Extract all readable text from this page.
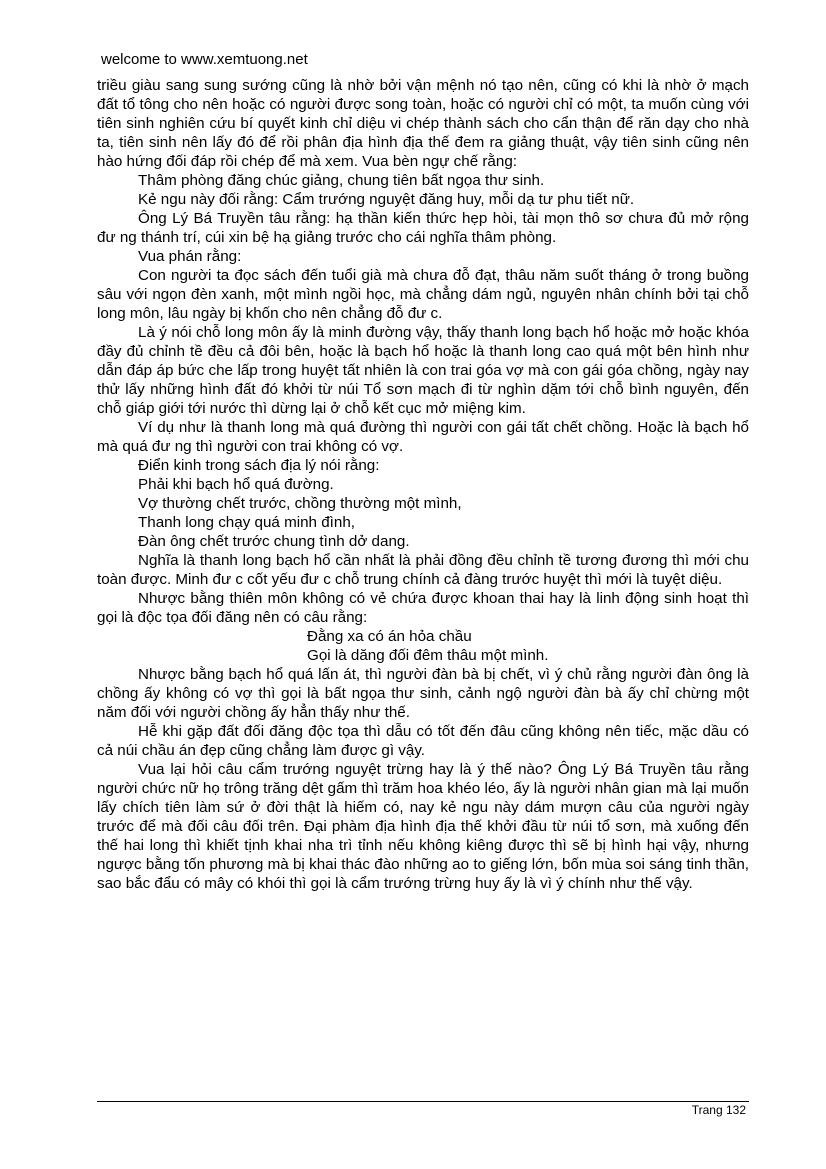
welcome to www.xemtuong.net

triều giàu sang sung sướng cũng là nhờ bởi vận mệnh nó tạo nên, cũng có khi là nhờ ở mạch đất tổ tông cho nên hoặc có người được song toàn, hoặc có người chỉ có một, ta muốn cùng với tiên sinh nghiên cứu bí quyết kinh chỉ diệu vi chép thành sách cho cẩn thận để răn dạy cho nhà ta, tiên sinh nên lấy đó để rồi phân địa hình địa thế đem ra giảng thuật, vậy tiên sinh cũng nên hào hứng đối đáp rồi chép để mà xem. Vua bèn ngự chế rằng:

Thâm phòng đăng chúc giảng, chung tiên bất ngọa thư sinh.

Kẻ ngu này đối rằng: Cẩm trướng nguyệt đăng huy, mỗi dạ tư phu tiết nữ.

Ông Lý Bá Truyền tâu rằng: hạ thần kiến thức hẹp hòi, tài mọn thô sơ chưa đủ mở rộng đư ng thánh trí, cúi xin bệ hạ giảng trước cho cái nghĩa thâm phòng.

Vua phán rằng:

Con người ta đọc sách đến tuổi già mà chưa đỗ đạt, thâu năm suốt tháng ở trong buồng sâu với ngọn đèn xanh, một mình ngồi học, mà chẳng dám ngủ, nguyên nhân chính bởi tại chỗ long môn, lâu ngày bị khốn cho nên chẳng đỗ đư c.

Là ý nói chỗ long môn ấy là minh đường vậy, thấy thanh long bạch hổ hoặc mở hoặc khóa đầy đủ chỉnh tề đều cả đôi bên, hoặc là bạch hổ hoặc là thanh long cao quá một bên hình như dẫn đáp áp bức che lấp trong huyệt tất nhiên là con trai góa vợ mà con gái góa chồng, ngày nay thử lấy những hình đất đó khởi từ núi Tổ sơn mạch đi từ nghìn dặm tới chỗ bình nguyên, đến chỗ giáp giới tới nước thì dừng lại ở chỗ kết cục mở miệng kim.

Ví dụ như là thanh long mà quá đường thì người con gái tất chết chồng. Hoặc là bạch hổ mà quá đư ng thì người con trai không có vợ.

Điển kinh trong sách địa lý nói rằng:

Phải khi bạch hổ quá đường.

Vợ thường chết trước, chồng thường một mình,

Thanh long chạy quá minh đình,

Đàn ông chết trước chung tình dở dang.

Nghĩa là thanh long bạch hổ cần nhất là phải đồng đều chỉnh tề tương đương thì mới chu toàn được. Minh đư c cốt yếu đư c chỗ trung chính cả đàng trước huyệt thì mới là tuyệt diệu.

Nhược bằng thiên môn không có vẻ chứa được khoan thai hay là linh động sinh hoạt thì gọi là độc tọa đối đăng nên có câu rằng:

Đằng xa có án hỏa chầu

Gọi là dăng đối đêm thâu một mình.

Nhược bằng bạch hổ quá lấn át, thì người đàn bà bị chết, vì ý chủ rằng người đàn ông là chồng ấy không có vợ thì gọi là bất ngọa thư sinh, cảnh ngộ người đàn bà ấy chỉ chừng một năm đối với người chồng ấy hẳn thấy như thế.

Hễ khi gặp đất đối đăng độc tọa thì dẫu có tốt đến đâu cũng không nên tiếc, mặc dầu có cả núi chầu án đẹp cũng chẳng làm được gì vậy.

Vua lại hỏi câu cẩm trướng nguyệt trừng hay là ý thế nào? Ông Lý Bá Truyền tâu rằng người chức nữ họ trông trăng dệt gấm thì trăm hoa khéo léo, ấy là người nhân gian mà lại muốn lấy chích tiên làm sứ ở đời thật là hiếm có, nay kẻ ngu này dám mượn câu của người ngày trước để mà đối câu đối trên. Đại phàm địa hình địa thế khởi đầu từ núi tổ sơn, mà xuống đến thế hai long thì khiết tịnh khai nha trì tỉnh nếu không kiêng được thì sẽ bị hình hại vậy, nhưng ngược bằng tốn phương mà bị khai thác đào những ao to giếng lớn, bốn mùa soi sáng tinh thần, sao bắc đẩu có mây có khói thì gọi là cẩm trướng trừng huy ấy là vì ý chính như thế vậy.

Trang 132
